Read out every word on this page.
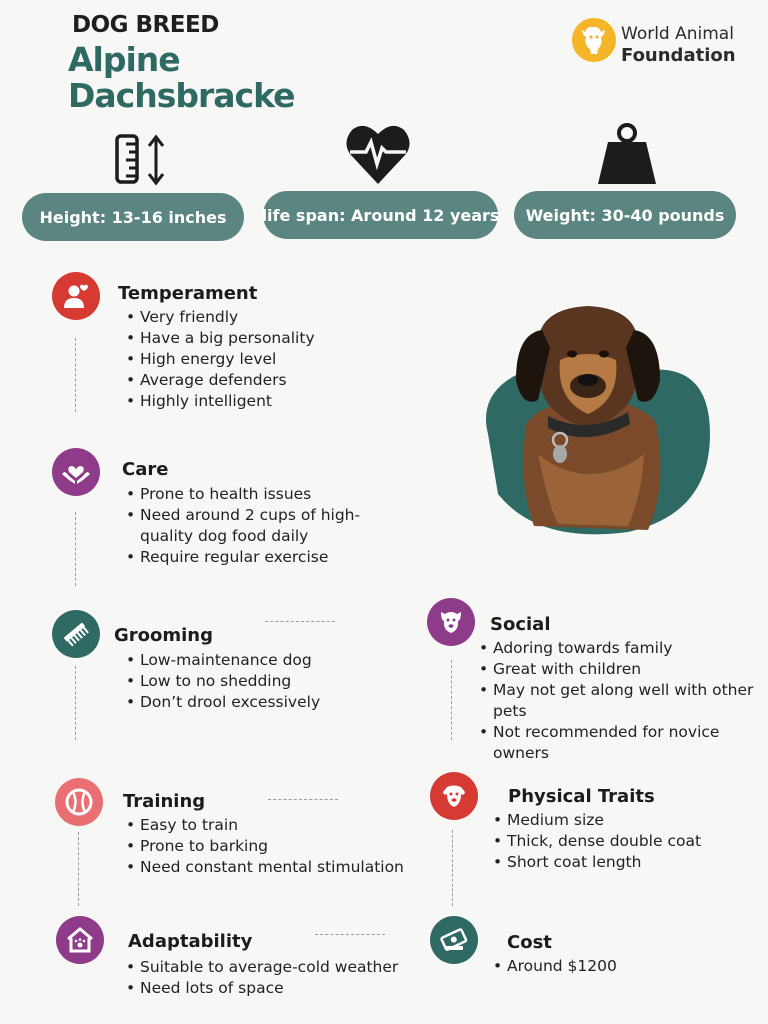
DOG BREED
Alpine
Dachsbracke
World Animal
Foundation
Height: 13-16 inches	life span: Around 12 years	Weight: 30-40 pounds
Temperament
• Very friendly
• Have a big personality
• High energy level
• Average defenders
• Highly intelligent
Care
• Prone to health issues
• Need around 2 cups of high-quality dog food daily
• Require regular exercise
Grooming
• Low-maintenance dog
• Low to no shedding
• Don’t drool excessively
Social
• Adoring towards family
• Great with children
• May not get along well with other pets
• Not recommended for novice owners
Training
• Easy to train
• Prone to barking
• Need constant mental stimulation
Physical Traits
• Medium size
• Thick, dense double coat
• Short coat length
Adaptability
• Suitable to average-cold weather
• Need lots of space
Cost
• Around $1200
